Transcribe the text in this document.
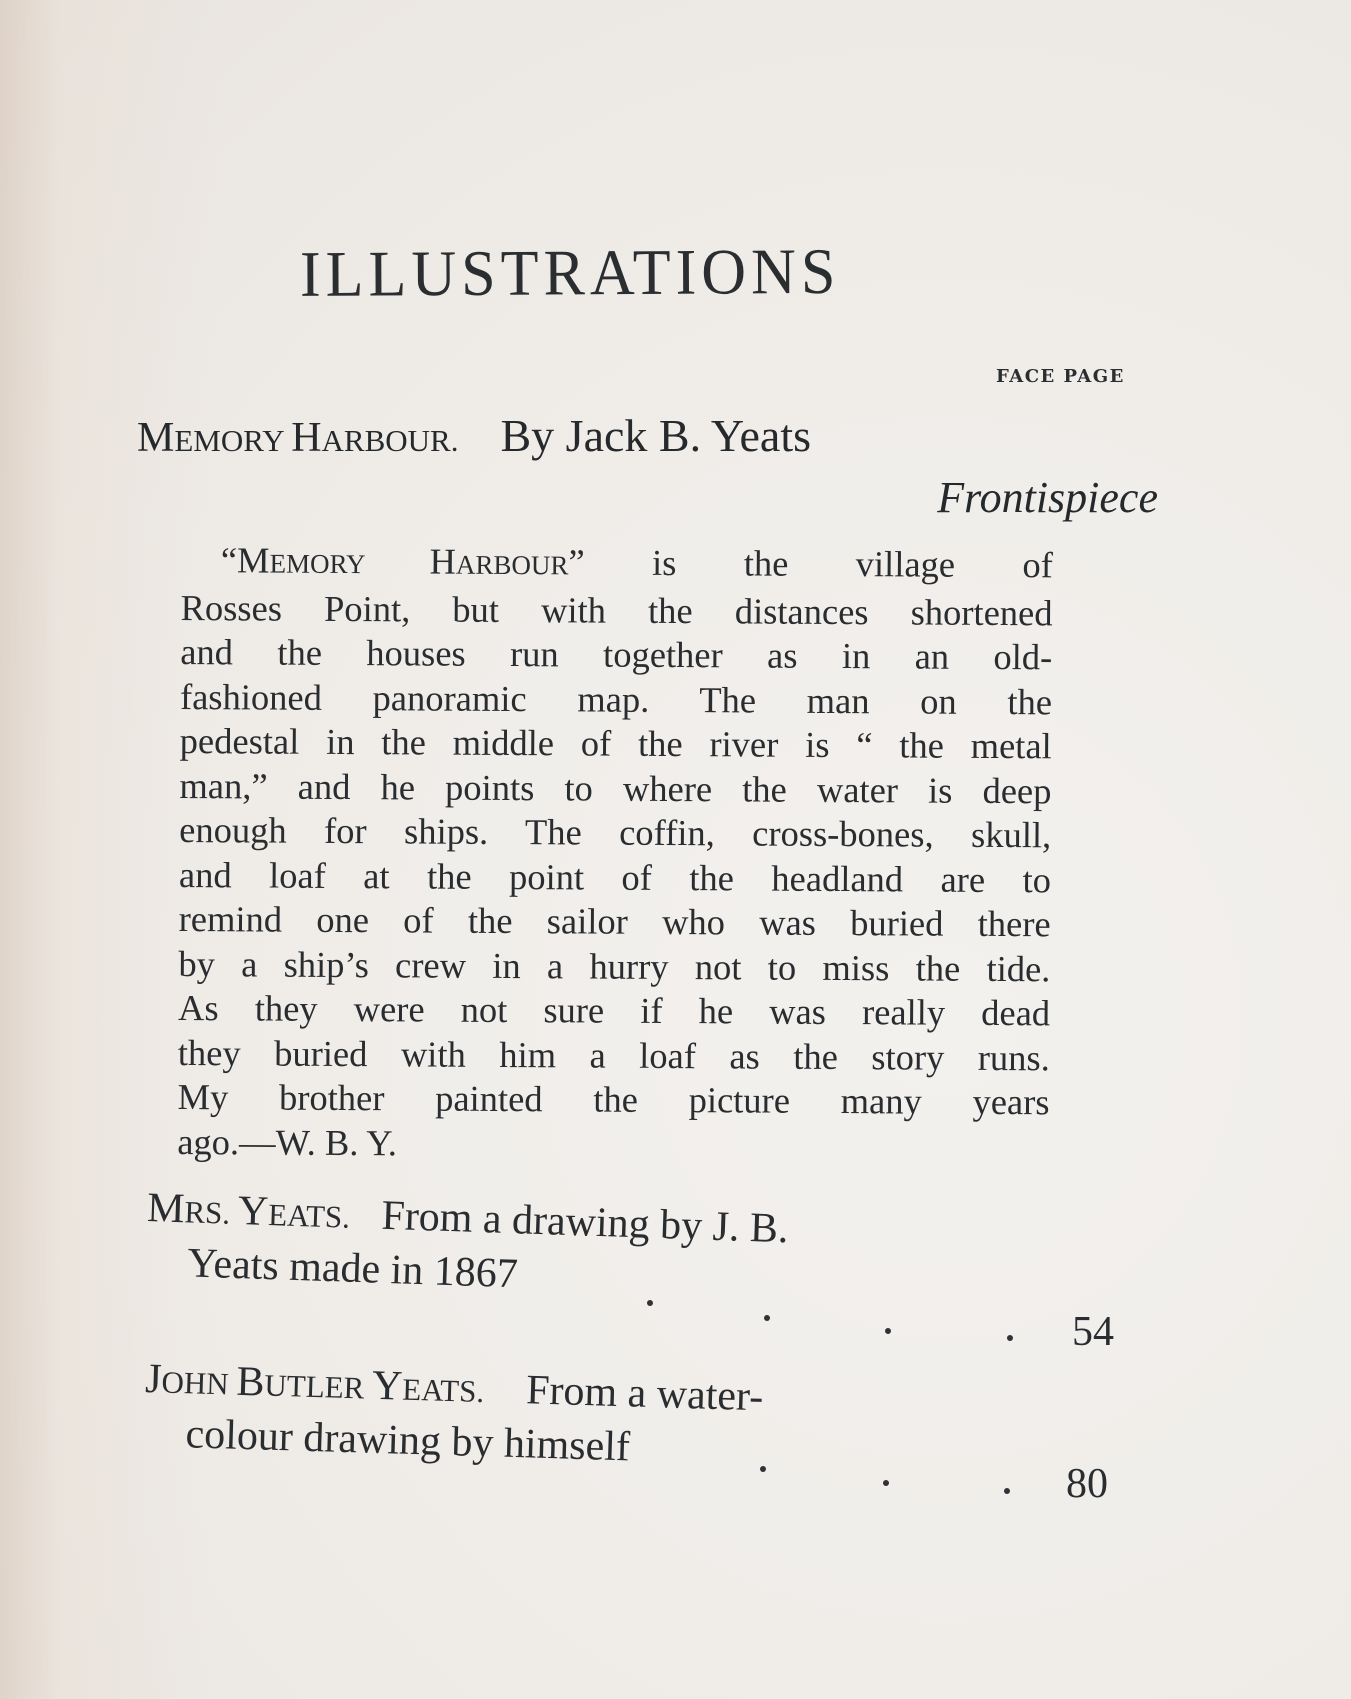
ILLUSTRATIONS
FACE PAGE
MEMORY HARBOUR. By Jack B. Yeats
Frontispiece
“MEMORY HARBOUR” is the village of
Rosses Point, but with the distances shortened
and the houses run together as in an old-
fashioned panoramic map. The man on the
pedestal in the middle of the river is “ the metal
man,” and he points to where the water is deep
enough for ships. The coffin, cross-bones, skull,
and loaf at the point of the headland are to
remind one of the sailor who was buried there
by a ship’s crew in a hurry not to miss the tide.
As they were not sure if he was really dead
they buried with him a loaf as the story runs.
My brother painted the picture many years
ago.—W. B. Y.
MRS. YEATS. From a drawing by J. B.
Yeats made in 1867
54
JOHN BUTLER YEATS. From a water-
colour drawing by himself
80
